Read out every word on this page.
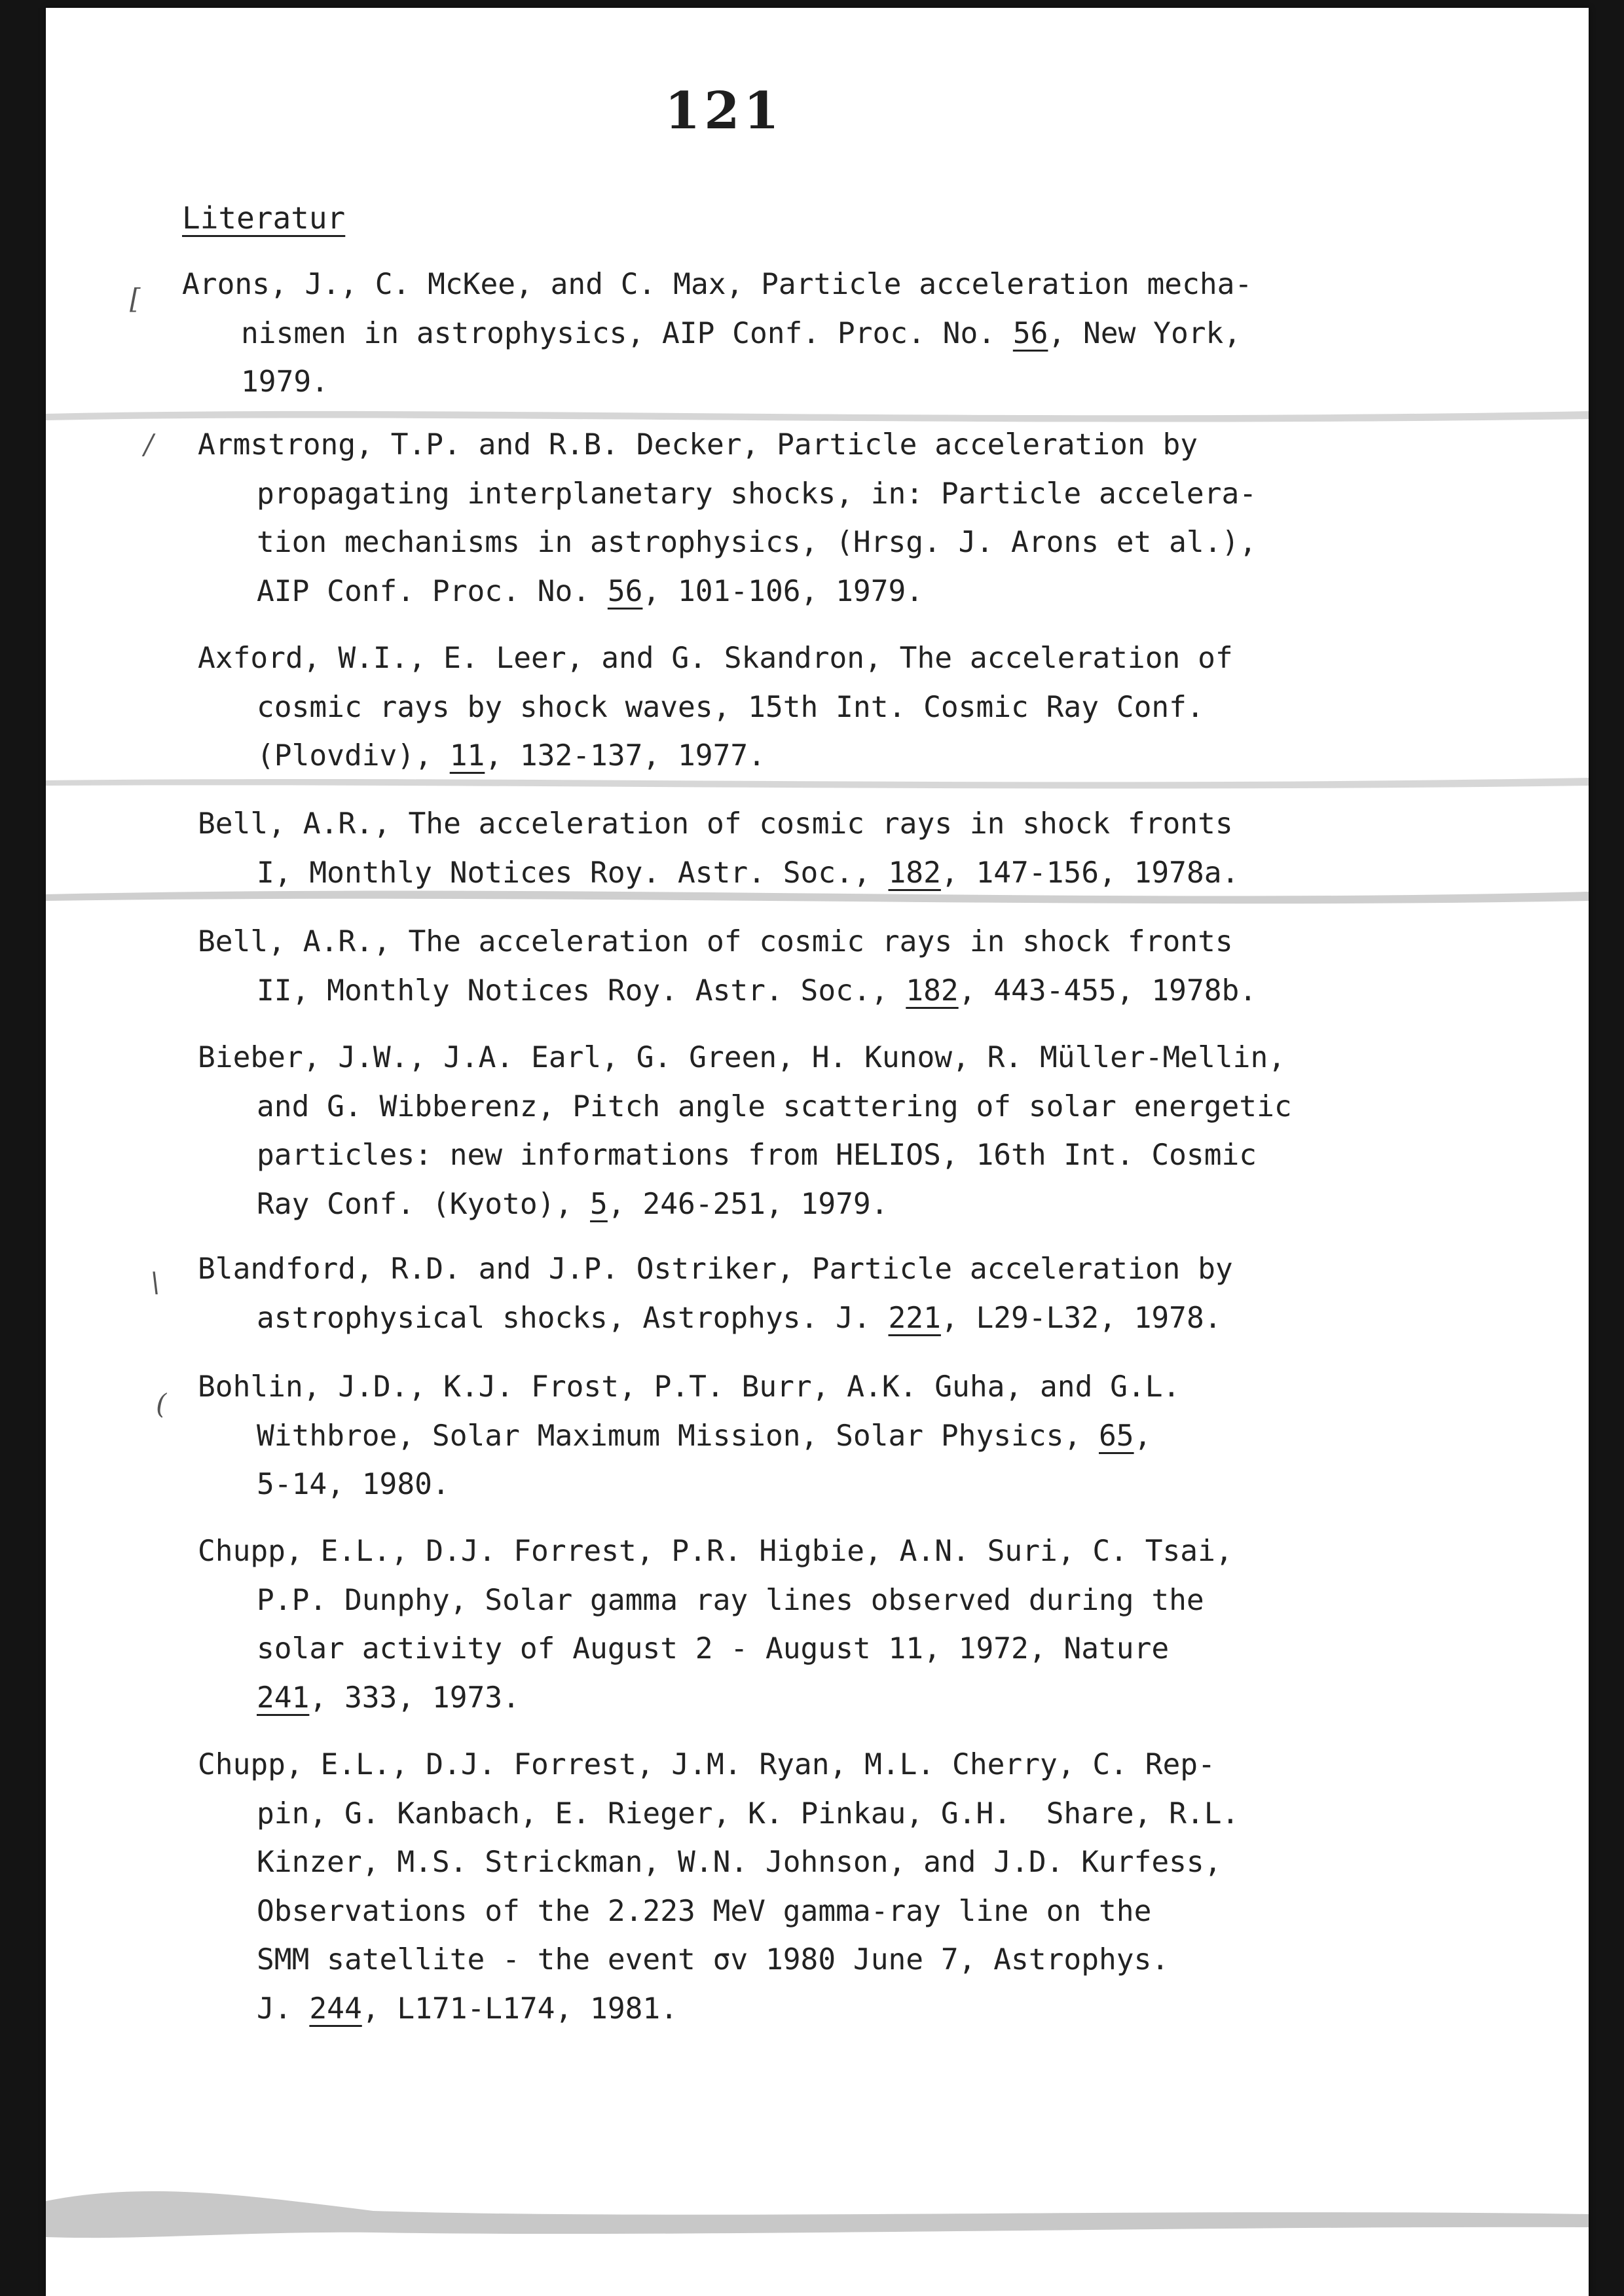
[
/
\
(
121
Literatur
Arons, J., C. McKee, and C. Max, Particle acceleration mecha-
nismen in astrophysics, AIP Conf. Proc. No. 56, New York,
1979.
Armstrong, T.P. and R.B. Decker, Particle acceleration by
propagating interplanetary shocks, in: Particle accelera-
tion mechanisms in astrophysics, (Hrsg. J. Arons et al.),
AIP Conf. Proc. No. 56, 101-106, 1979.
Axford, W.I., E. Leer, and G. Skandron, The acceleration of
cosmic rays by shock waves, 15th Int. Cosmic Ray Conf.
(Plovdiv), 11, 132-137, 1977.
Bell, A.R., The acceleration of cosmic rays in shock fronts
I, Monthly Notices Roy. Astr. Soc., 182, 147-156, 1978a.
Bell, A.R., The acceleration of cosmic rays in shock fronts
II, Monthly Notices Roy. Astr. Soc., 182, 443-455, 1978b.
Bieber, J.W., J.A. Earl, G. Green, H. Kunow, R. Müller-Mellin,
and G. Wibberenz, Pitch angle scattering of solar energetic
particles: new informations from HELIOS, 16th Int. Cosmic
Ray Conf. (Kyoto), 5, 246-251, 1979.
Blandford, R.D. and J.P. Ostriker, Particle acceleration by
astrophysical shocks, Astrophys. J. 221, L29-L32, 1978.
Bohlin, J.D., K.J. Frost, P.T. Burr, A.K. Guha, and G.L.
Withbroe, Solar Maximum Mission, Solar Physics, 65,
5-14, 1980.
Chupp, E.L., D.J. Forrest, P.R. Higbie, A.N. Suri, C. Tsai,
P.P. Dunphy, Solar gamma ray lines observed during the
solar activity of August 2 - August 11, 1972, Nature
241, 333, 1973.
Chupp, E.L., D.J. Forrest, J.M. Ryan, M.L. Cherry, C. Rep-
pin, G. Kanbach, E. Rieger, K. Pinkau, G.H.  Share, R.L.
Kinzer, M.S. Strickman, W.N. Johnson, and J.D. Kurfess,
Observations of the 2.223 MeV gamma-ray line on the
SMM satellite - the event σv 1980 June 7, Astrophys.
J. 244, L171-L174, 1981.
